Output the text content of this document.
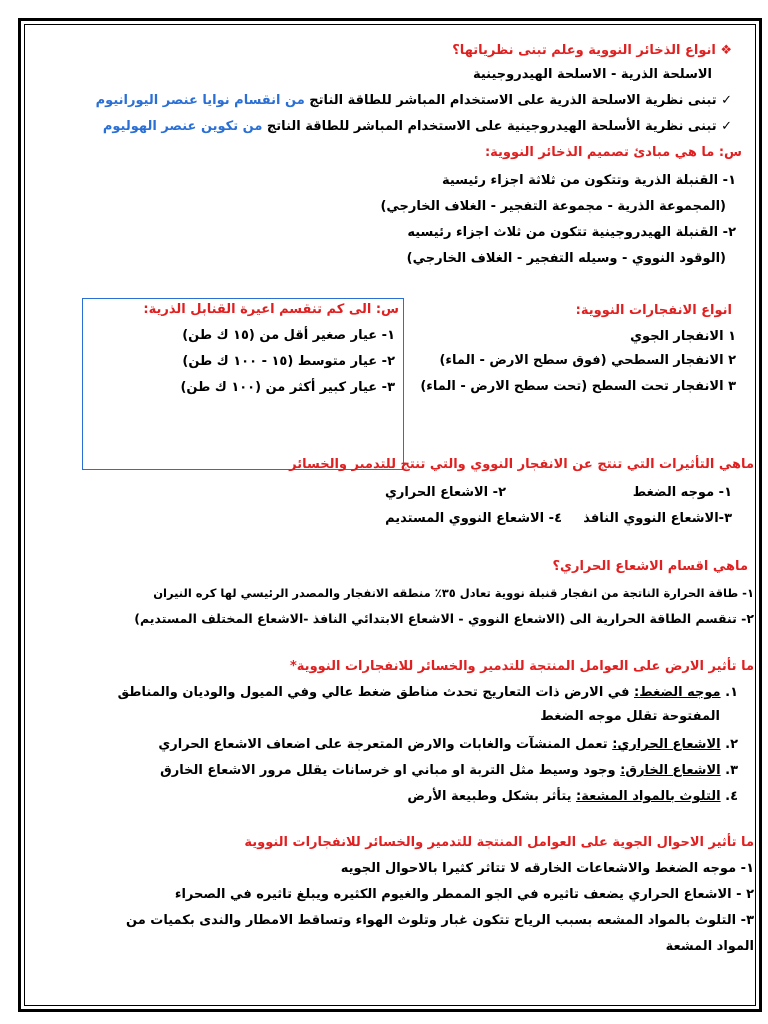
❖ انواع الذخائر النووية وعلم تبنى نظرياتها؟
الاسلحة الذرية - الاسلحة الهيدروجينية
✓ تبنى نظرية الاسلحة الذرية على الاستخدام المباشر للطاقة الناتج من انقسام نوايا عنصر اليورانيوم
✓ تبنى نظرية الأسلحة الهيدروجينية على الاستخدام المباشر للطاقة الناتج من تكوين عنصر الهوليوم
س: ما هي مبادئ تصميم الذخائر النووية:
١- القنبلة الذرية وتتكون من ثلاثة اجزاء رئيسية
(المجموعة الذرية - مجموعة التفجير - الغلاف الخارجي)
٢- القنبلة الهيدروجينية تتكون من ثلاث اجزاء رئيسيه
(الوقود النووي - وسيله التفجير - الغلاف الخارجي)
انواع الانفجارات النووية:
١ الانفجار الجوي
٢ الانفجار السطحي (فوق سطح الارض - الماء)
٣ الانفجار تحت السطح (تحت سطح الارض - الماء)
س: الى كم تنقسم اعيرة القنابل الذرية:
١- عيار صغير أقل من (١٥ ك طن)
٢- عيار متوسط (١٥ - ١٠٠ ك طن)
٣- عيار كبير أكثر من (١٠٠ ك طن)
ماهي التأثيرات التي تنتج عن الانفجار النووي والتي تنتج للتدمير والخسائر
١- موجه الضغط
٢- الاشعاع الحراري
٣-الاشعاع النووي النافذ
٤- الاشعاع النووي المستديم
ماهي اقسام الاشعاع الحراري؟
١- طاقة الحرارة الناتجة من انفجار قنبلة نووية تعادل ٣٥٪ منطقه الانفجار والمصدر الرئيسي لها كره النيران
٢- تنقسم الطاقة الحرارية الى (الاشعاع النووي - الاشعاع الابتدائي النافذ -الاشعاع المختلف المستديم)
ما تأثير الارض على العوامل المنتجة للتدمير والخسائر للانفجارات النووية*
١. موجه الضغط: في الارض ذات التعاريج تحدث مناطق ضغط عالي وفي الميول والوديان والمناطق
المفتوحة تقلل موجه الضغط
٢. الاشعاع الحراري: تعمل المنشآت والغابات والارض المتعرجة على اضعاف الاشعاع الحراري
٣. الاشعاع الخارق: وجود وسيط مثل التربة او مباني او خرسانات يقلل مرور الاشعاع الخارق
٤. التلوث بالمواد المشعة: يتأثر بشكل وطبيعة الأرض
ما تأثير الاحوال الجوية على العوامل المنتجة للتدمير والخسائر للانفجارات النووية
١- موجه الضغط والاشعاعات الخارقه لا تتاثر كثيرا بالاحوال الجويه
٢ - الاشعاع الحراري يضعف تاثيره في الجو الممطر والغيوم الكثيره ويبلغ تاثيره في الصحراء
٣- التلوث بالمواد المشعه بسبب الرياح تتكون غبار وتلوث الهواء وتساقط الامطار والندى بكميات من
المواد المشعة
